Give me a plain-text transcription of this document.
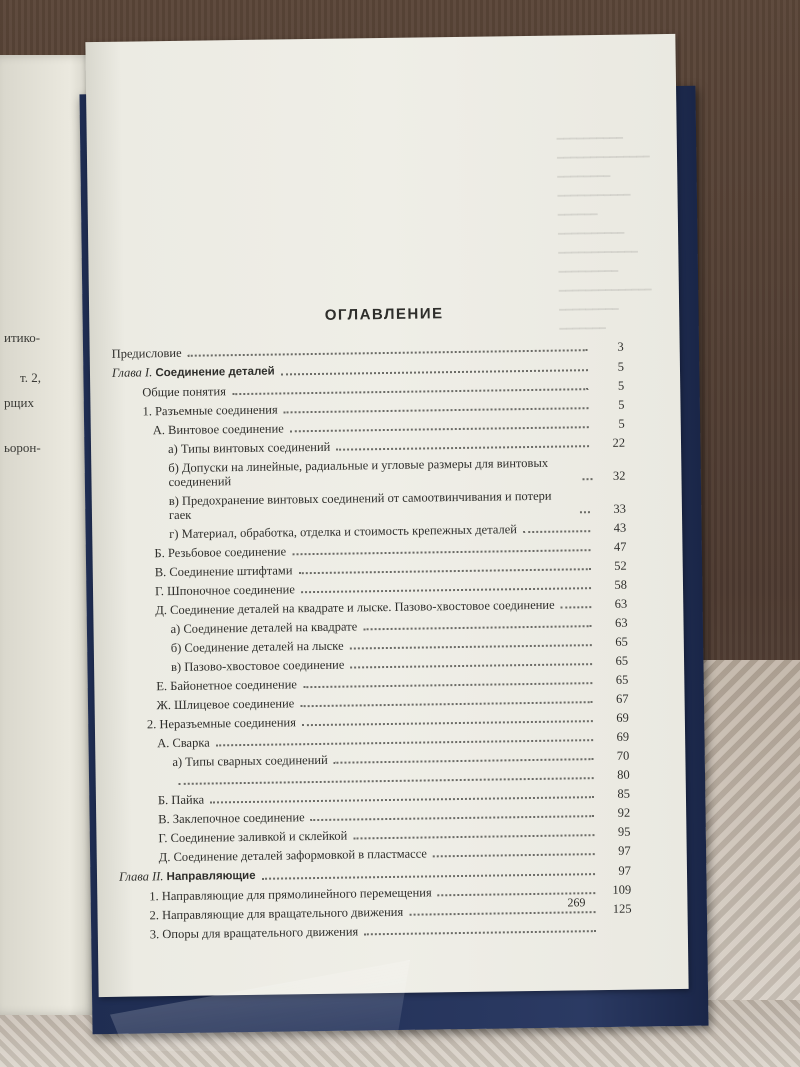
итико-
т. 2,
рщих
ьорон-
━━━━━━━━━━
━━━━━━━━━━━━━━
━━━━━━━━
━━━━━━━━━━━
━━━━━━
━━━━━━━━━━
━━━━━━━━━━━━
━━━━━━━━━
━━━━━━━━━━━━━━
━━━━━━━━━
━━━━━━━
ОГЛАВЛЕНИЕ
Предисловие	3
Глава I. Соединение деталей	5
Общие понятия	5
1. Разъемные соединения	5
А. Винтовое соединение	5
а) Типы винтовых соединений	22
б) Допуски на линейные, радиальные и угловые размеры для винтовых соединений	32
в) Предохранение винтовых соединений от самоотвинчивания и потери гаек	33
г) Материал, обработка, отделка и стоимость крепежных деталей	43
Б. Резьбовое соединение	47
В. Соединение штифтами	52
Г. Шпоночное соединение	58
Д. Соединение деталей на квадрате и лыске. Пазово-хвостовое соединение	63
а) Соединение деталей на квадрате	63
б) Соединение деталей на лыске	65
в) Пазово-хвостовое соединение	65
Е. Байонетное соединение	65
Ж. Шлицевое соединение	67
2. Неразъемные соединения	69
А. Сварка	69
а) Типы сварных соединений	70
80
Б. Пайка	85
В. Заклепочное соединение	92
Г. Соединение заливкой и склейкой	95
Д. Соединение деталей заформовкой в пластмассе	97
Глава II. Направляющие	97
1. Направляющие для прямолинейного перемещения	109
2. Направляющие для вращательного движения	125
3. Опоры для вращательного движения
269
